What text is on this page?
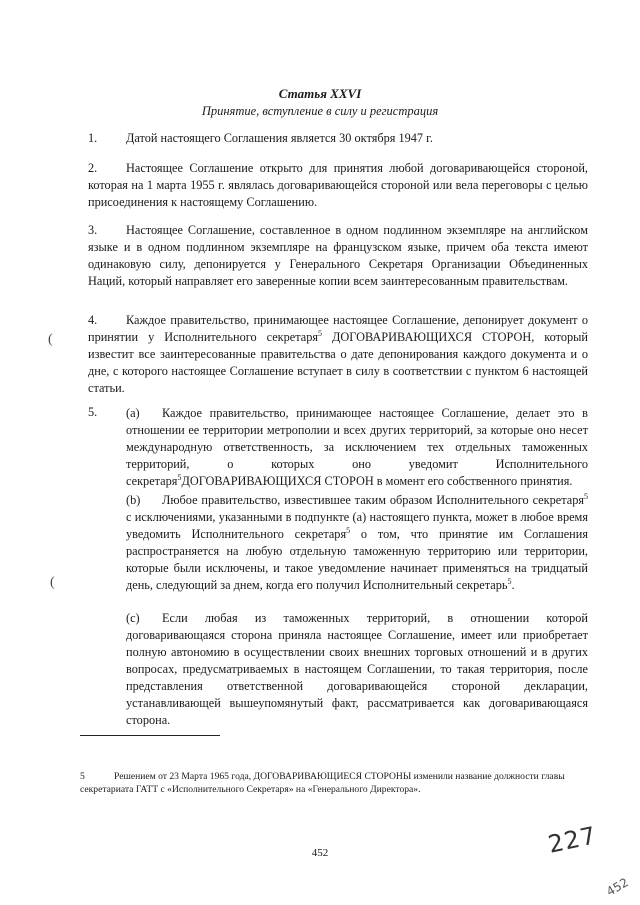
Статья XXVI
Принятие, вступление в силу и регистрация
1. Датой настоящего Соглашения является 30 октября 1947 г.
2. Настоящее Соглашение открыто для принятия любой договаривающейся стороной, которая на 1 марта 1955 г. являлась договаривающейся стороной или вела переговоры с целью присоединения к настоящему Соглашению.
3. Настоящее Соглашение, составленное в одном подлинном экземпляре на английском языке и в одном подлинном экземпляре на французском языке, причем оба текста имеют одинаковую силу, депонируется у Генерального Секретаря Организации Объединенных Наций, который направляет его заверенные копии всем заинтересованным правительствам.
4. Каждое правительство, принимающее настоящее Соглашение, депонирует документ о принятии у Исполнительного секретаря$^5$ ДОГОВАРИВАЮЩИХСЯ СТОРОН, который известит все заинтересованные правительства о дате депонирования каждого документа и о дне, с которого настоящее Соглашение вступает в силу в соответствии с пунктом 6 настоящей статьи.
5. (a) Каждое правительство, принимающее настоящее Соглашение, делает это в отношении ее территории метрополии и всех других территорий, за которые оно несет международную ответственность, за исключением тех отдельных таможенных территорий, о которых оно уведомит Исполнительного секретаря$^5$ДОГОВАРИВАЮЩИХСЯ СТОРОН в момент его собственного принятия.
(b) Любое правительство, известившее таким образом Исполнительного секретаря$^5$ с исключениями, указанными в подпункте (a) настоящего пункта, может в любое время уведомить Исполнительного секретаря$^5$ о том, что принятие им Соглашения распространяется на любую отдельную таможенную территорию или территории, которые были исключены, и такое уведомление начинает применяться на тридцатый день, следующий за днем, когда его получил Исполнительный секретарь$^5$.
(c) Если любая из таможенных территорий, в отношении которой договаривающаяся сторона приняла настоящее Соглашение, имеет или приобретает полную автономию в осуществлении своих внешних торговых отношений и в других вопросах, предусматриваемых в настоящем Соглашении, то такая территория, после представления ответственной договаривающейся стороной декларации, устанавливающей вышеупомянутый факт, рассматривается как договаривающаяся сторона.
5	Решением от 23 Марта 1965 года, ДОГОВАРИВАЮЩИЕСЯ СТОРОНЫ изменили название должности главы секретариата ГАТТ с «Исполнительного Секретаря» на «Генерального Директора».
452	227
452
(
(
